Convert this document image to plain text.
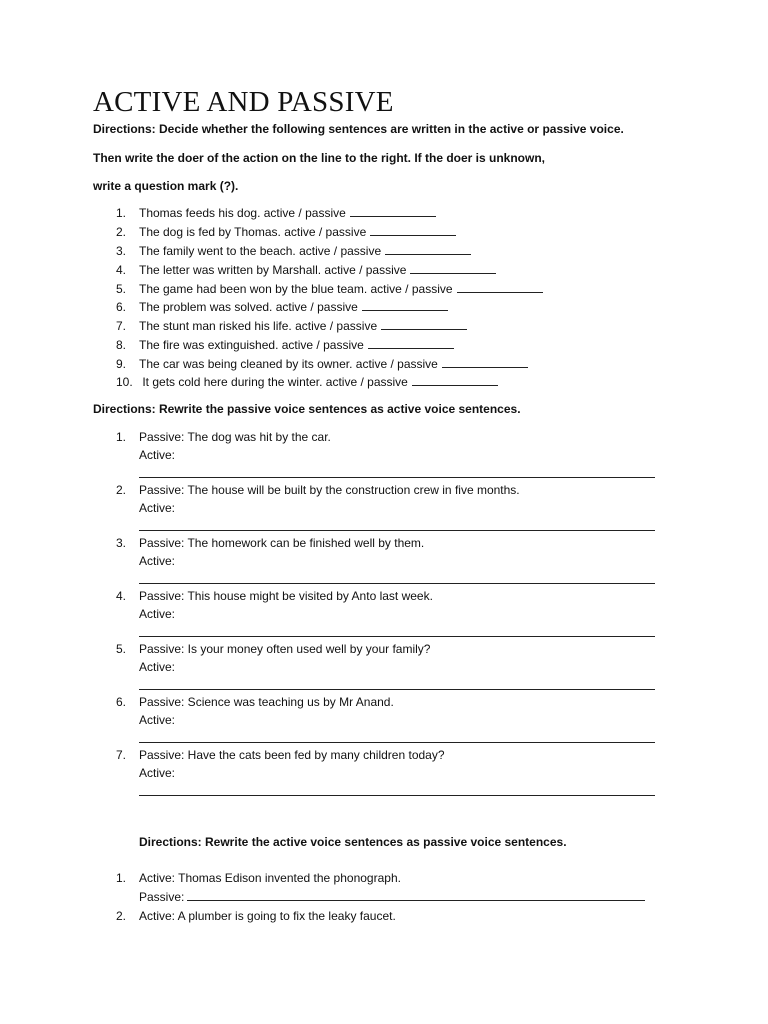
ACTIVE AND PASSIVE
Directions: Decide whether the following sentences are written in the active or passive voice.
Then write the doer of the action on the line to the right. If the doer is unknown,
write a question mark (?).
1. Thomas feeds his dog. active / passive
2. The dog is fed by Thomas. active / passive
3. The family went to the beach. active / passive
4. The letter was written by Marshall. active / passive
5. The game had been won by the blue team. active / passive
6. The problem was solved. active / passive
7. The stunt man risked his life. active / passive
8. The fire was extinguished. active / passive
9. The car was being cleaned by its owner. active / passive
10. It gets cold here during the winter. active / passive
Directions: Rewrite the passive voice sentences as active voice sentences.
1. Passive: The dog was hit by the car.
Active:
2. Passive: The house will be built by the construction crew in five months.
Active:
3. Passive: The homework can be finished well by them.
Active:
4. Passive: This house might be visited by Anto last week.
Active:
5. Passive: Is your money often used well by your family?
Active:
6. Passive: Science was teaching us by Mr Anand.
Active:
7. Passive: Have the cats been fed by many children today?
Active:
Directions: Rewrite the active voice sentences as passive voice sentences.
1. Active: Thomas Edison invented the phonograph.
Passive:
2. Active: A plumber is going to fix the leaky faucet.
